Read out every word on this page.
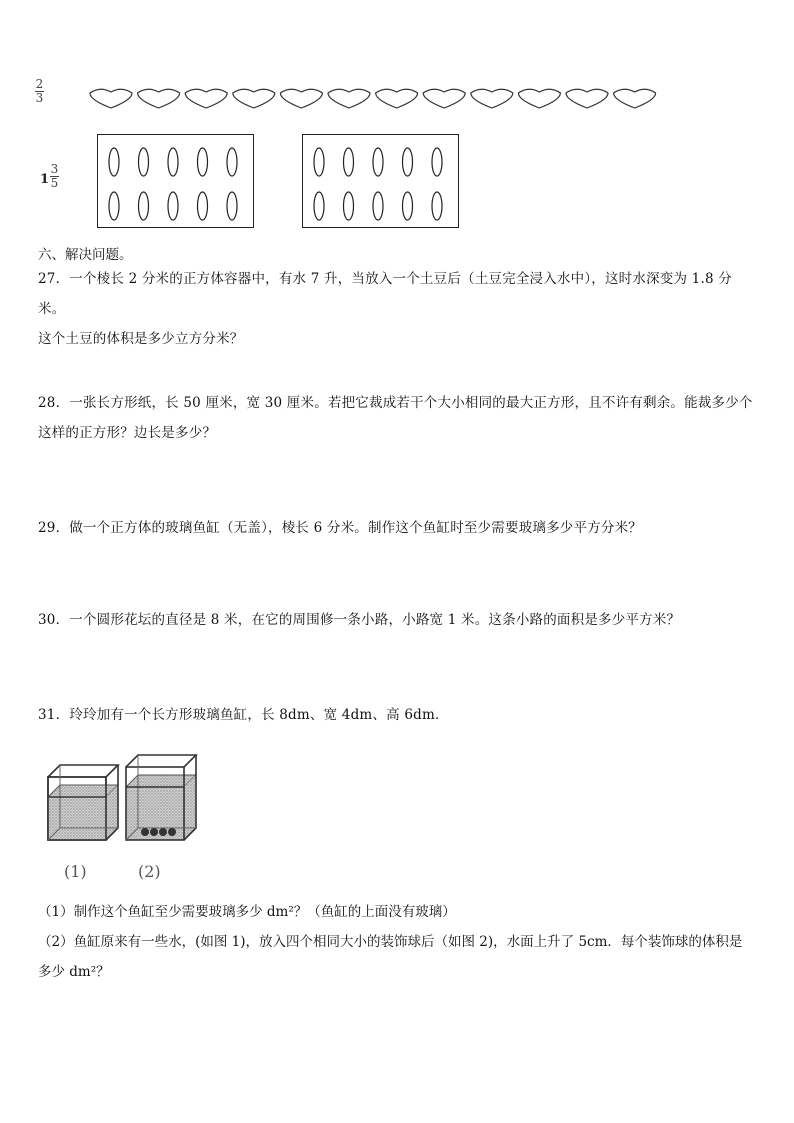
2
3
1
3
5
六、解决问题。
27．一个棱长 2 分米的正方体容器中，有水 7 升，当放入一个土豆后（土豆完全浸入水中），这时水深变为 1.8 分米。
这个土豆的体积是多少立方分米？
28．一张长方形纸，长 50 厘米，宽 30 厘米。若把它裁成若干个大小相同的最大正方形，且不许有剩余。能裁多少个
这样的正方形？边长是多少？
29．做一个正方体的玻璃鱼缸（无盖），棱长 6 分米。制作这个鱼缸时至少需要玻璃多少平方分米？
30．一个圆形花坛的直径是 8 米，在它的周围修一条小路，小路宽 1 米。这条小路的面积是多少平方米？
31．玲玲加有一个长方形玻璃鱼缸，长 8dm、宽 4dm、高 6dm．
(1)	(2)
（1）制作这个鱼缸至少需要玻璃多少 dm²？（鱼缸的上面没有玻璃）
（2）鱼缸原来有一些水，(如图 1)，放入四个相同大小的装饰球后（如图 2)，水面上升了 5cm．每个装饰球的体积是
多少 dm²？
